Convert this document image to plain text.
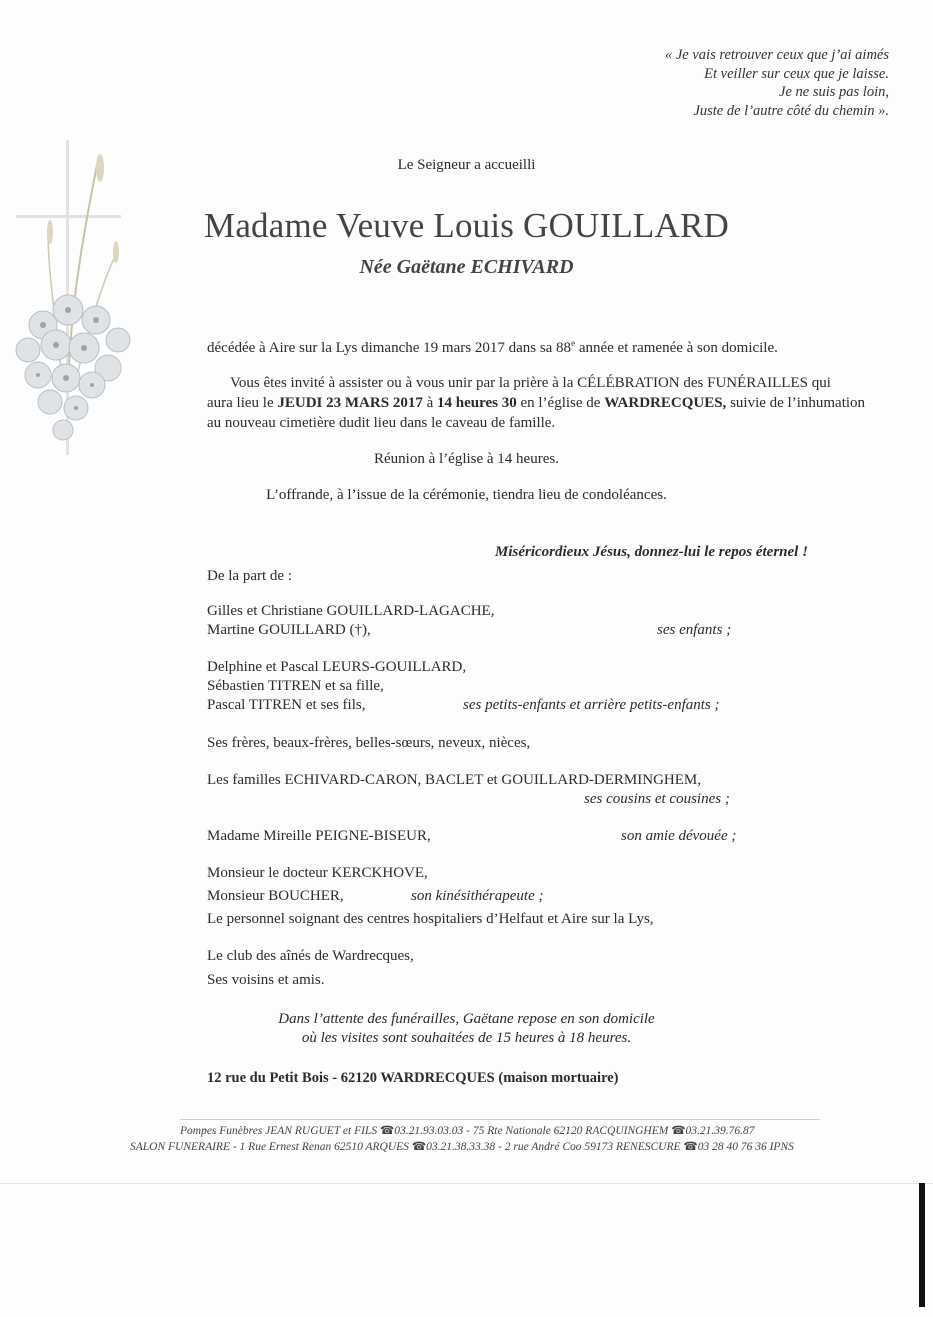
« Je vais retrouver ceux que j’ai aimés
Et veiller sur ceux que je laisse.
Je ne suis pas loin,
Juste de l’autre côté du chemin ».
Le Seigneur a accueilli
Madame Veuve Louis GOUILLARD
Née Gaëtane ECHIVARD
décédée à Aire sur la Lys dimanche 19 mars 2017 dans sa 88e année et ramenée à son domicile.
Vous êtes invité à assister ou à vous unir par la prière à la CÉLÉBRATION des FUNÉRAILLES qui
aura lieu le JEUDI 23 MARS 2017 à 14 heures 30 en l’église de WARDRECQUES, suivie de l’inhumation
au nouveau cimetière dudit lieu dans le caveau de famille.
Réunion à l’église à 14 heures.
L’offrande, à l’issue de la cérémonie, tiendra lieu de condoléances.
Miséricordieux Jésus, donnez-lui le repos éternel !
De la part de :
Gilles et Christiane GOUILLARD-LAGACHE,
Martine GOUILLARD (†),	ses enfants ;
Delphine et Pascal LEURS-GOUILLARD,
Sébastien TITREN et sa fille,
Pascal TITREN et ses fils,	ses petits-enfants et arrière petits-enfants ;
Ses frères, beaux-frères, belles-sœurs, neveux, nièces,
Les familles ECHIVARD-CARON, BACLET et GOUILLARD-DERMINGHEM,
ses cousins et cousines ;
Madame Mireille PEIGNE-BISEUR,	son amie dévouée ;
Monsieur le docteur KERCKHOVE,
Monsieur BOUCHER,	son kinésithérapeute ;
Le personnel soignant des centres hospitaliers d’Helfaut et Aire sur la Lys,
Le club des aînés de Wardrecques,
Ses voisins et amis.
Dans l’attente des funérailles, Gaëtane repose en son domicile
où les visites sont souhaitées de 15 heures à 18 heures.
12 rue du Petit Bois - 62120 WARDRECQUES (maison mortuaire)
Pompes Funèbres JEAN RUGUET et FILS ☎03.21.93.03.03 - 75 Rte Nationale 62120 RACQUINGHEM ☎03.21.39.76.87
SALON FUNERAIRE - 1 Rue Ernest Renan 62510 ARQUES ☎03.21.38.33.38 - 2 rue André Coo 59173 RENESCURE ☎03 28 40 76 36 IPNS
